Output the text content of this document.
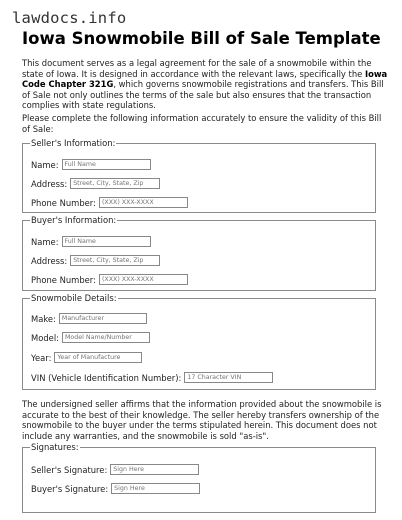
lawdocs.info
Iowa Snowmobile Bill of Sale Template

This document serves as a legal agreement for the sale of a snowmobile within the state of Iowa. It is designed in accordance with the relevant laws, specifically the Iowa Code Chapter 321G, which governs snowmobile registrations and transfers. This Bill of Sale not only outlines the terms of the sale but also ensures that the transaction complies with state regulations.

Please complete the following information accurately to ensure the validity of this Bill of Sale:

Seller's Information:
Name:
Full Name
Address:
Street, City, State, Zip
Phone Number:
(XXX) XXX-XXXX
Buyer's Information:
Name:
Full Name
Address:
Street, City, State, Zip
Phone Number:
(XXX) XXX-XXXX
Snowmobile Details:
Make:
Manufacturer
Model:
Model Name/Number
Year:
Year of Manufacture
VIN (Vehicle Identification Number):
17 Character VIN

The undersigned seller affirms that the information provided about the snowmobile is accurate to the best of their knowledge. The seller hereby transfers ownership of the snowmobile to the buyer under the terms stipulated herein. This document does not include any warranties, and the snowmobile is sold "as-is".

Signatures:
Seller's Signature:
Sign Here
Buyer's Signature:
Sign Here
